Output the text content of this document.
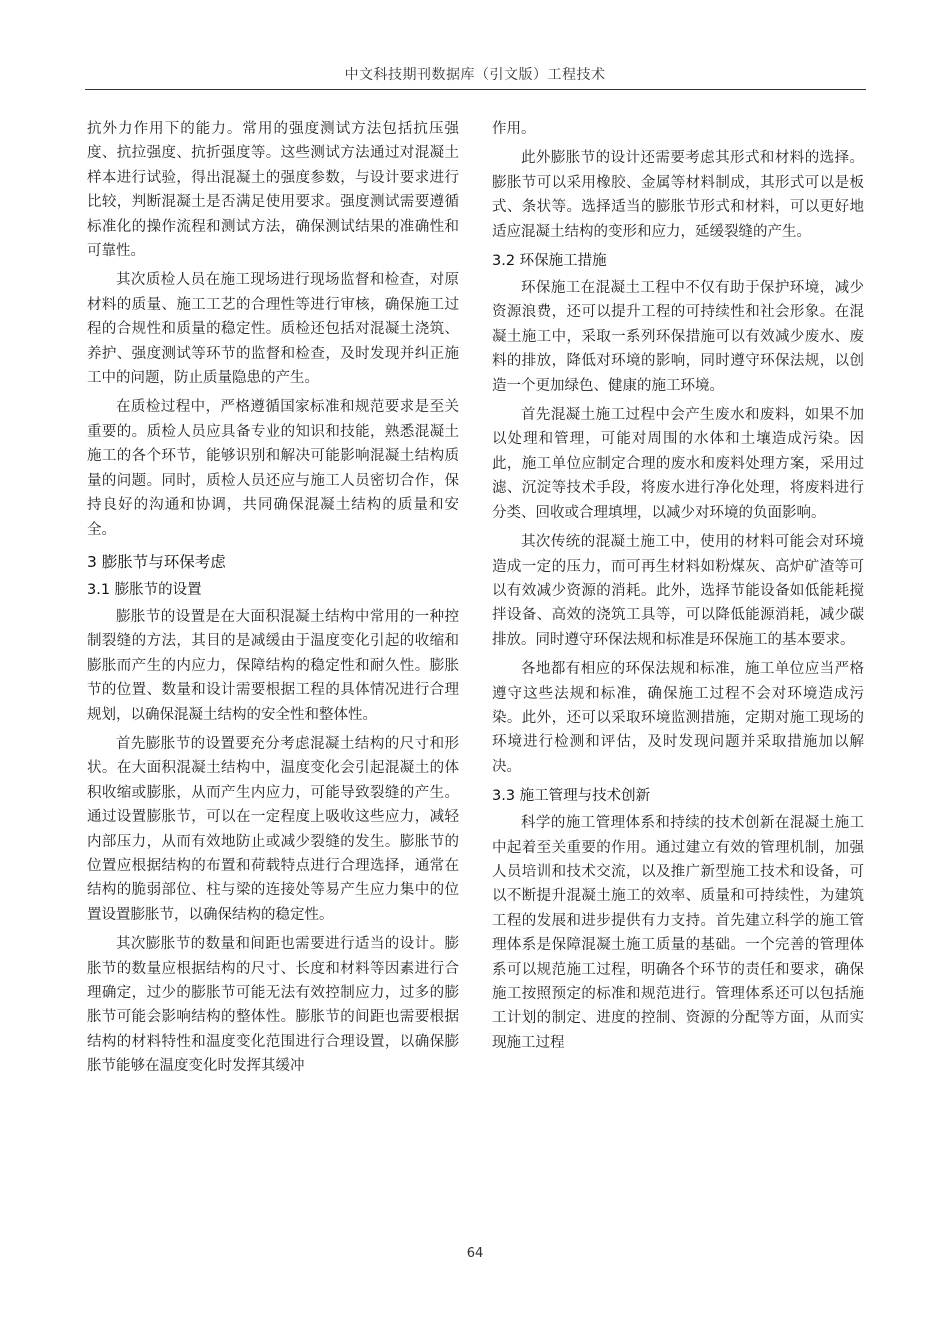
中文科技期刊数据库（引文版）工程技术

抗外力作用下的能力。常用的强度测试方法包括抗压强度、抗拉强度、抗折强度等。这些测试方法通过对混凝土样本进行试验，得出混凝土的强度参数，与设计要求进行比较，判断混凝土是否满足使用要求。强度测试需要遵循标准化的操作流程和测试方法，确保测试结果的准确性和可靠性。

其次质检人员在施工现场进行现场监督和检查，对原材料的质量、施工工艺的合理性等进行审核，确保施工过程的合规性和质量的稳定性。质检还包括对混凝土浇筑、养护、强度测试等环节的监督和检查，及时发现并纠正施工中的问题，防止质量隐患的产生。

在质检过程中，严格遵循国家标准和规范要求是至关重要的。质检人员应具备专业的知识和技能，熟悉混凝土施工的各个环节，能够识别和解决可能影响混凝土结构质量的问题。同时，质检人员还应与施工人员密切合作，保持良好的沟通和协调，共同确保混凝土结构的质量和安全。

3 膨胀节与环保考虑
3.1 膨胀节的设置

膨胀节的设置是在大面积混凝土结构中常用的一种控制裂缝的方法，其目的是减缓由于温度变化引起的收缩和膨胀而产生的内应力，保障结构的稳定性和耐久性。膨胀节的位置、数量和设计需要根据工程的具体情况进行合理规划，以确保混凝土结构的安全性和整体性。

首先膨胀节的设置要充分考虑混凝土结构的尺寸和形状。在大面积混凝土结构中，温度变化会引起混凝土的体积收缩或膨胀，从而产生内应力，可能导致裂缝的产生。通过设置膨胀节，可以在一定程度上吸收这些应力，减轻内部压力，从而有效地防止或减少裂缝的发生。膨胀节的位置应根据结构的布置和荷载特点进行合理选择，通常在结构的脆弱部位、柱与梁的连接处等易产生应力集中的位置设置膨胀节，以确保结构的稳定性。

其次膨胀节的数量和间距也需要进行适当的设计。膨胀节的数量应根据结构的尺寸、长度和材料等因素进行合理确定，过少的膨胀节可能无法有效控制应力，过多的膨胀节可能会影响结构的整体性。膨胀节的间距也需要根据结构的材料特性和温度变化范围进行合理设置，以确保膨胀节能够在温度变化时发挥其缓冲

作用。

此外膨胀节的设计还需要考虑其形式和材料的选择。膨胀节可以采用橡胶、金属等材料制成，其形式可以是板式、条状等。选择适当的膨胀节形式和材料，可以更好地适应混凝土结构的变形和应力，延缓裂缝的产生。

3.2 环保施工措施

环保施工在混凝土工程中不仅有助于保护环境，减少资源浪费，还可以提升工程的可持续性和社会形象。在混凝土施工中，采取一系列环保措施可以有效减少废水、废料的排放，降低对环境的影响，同时遵守环保法规，以创造一个更加绿色、健康的施工环境。

首先混凝土施工过程中会产生废水和废料，如果不加以处理和管理，可能对周围的水体和土壤造成污染。因此，施工单位应制定合理的废水和废料处理方案，采用过滤、沉淀等技术手段，将废水进行净化处理，将废料进行分类、回收或合理填埋，以减少对环境的负面影响。

其次传统的混凝土施工中，使用的材料可能会对环境造成一定的压力，而可再生材料如粉煤灰、高炉矿渣等可以有效减少资源的消耗。此外，选择节能设备如低能耗搅拌设备、高效的浇筑工具等，可以降低能源消耗，减少碳排放。同时遵守环保法规和标准是环保施工的基本要求。

各地都有相应的环保法规和标准，施工单位应当严格遵守这些法规和标准，确保施工过程不会对环境造成污染。此外，还可以采取环境监测措施，定期对施工现场的环境进行检测和评估，及时发现问题并采取措施加以解决。

3.3 施工管理与技术创新

科学的施工管理体系和持续的技术创新在混凝土施工中起着至关重要的作用。通过建立有效的管理机制，加强人员培训和技术交流，以及推广新型施工技术和设备，可以不断提升混凝土施工的效率、质量和可持续性，为建筑工程的发展和进步提供有力支持。首先建立科学的施工管理体系是保障混凝土施工质量的基础。一个完善的管理体系可以规范施工过程，明确各个环节的责任和要求，确保施工按照预定的标准和规范进行。管理体系还可以包括施工计划的制定、进度的控制、资源的分配等方面，从而实现施工过程

64
